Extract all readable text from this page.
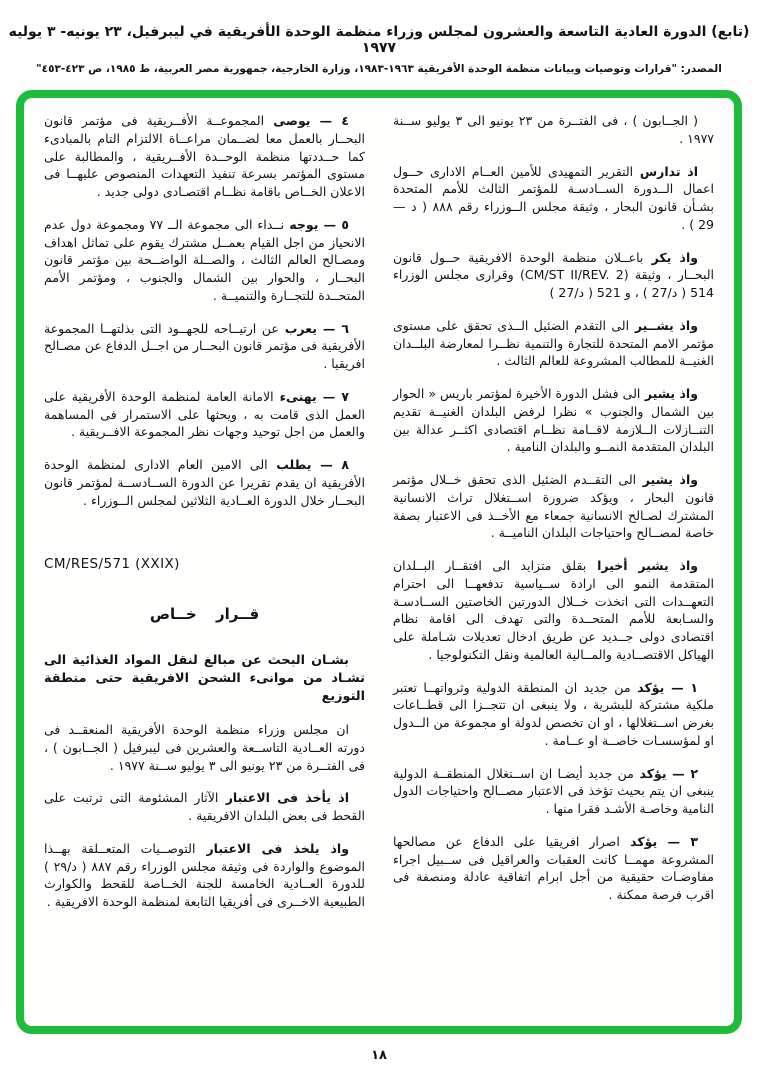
(تابع) الدورة العادية التاسعة والعشرون لمجلس وزراء منظمة الوحدة الأفريقية في ليبرفيل، ٢٣ يونيه- ٣ يوليه ١٩٧٧
المصدر: "قرارات وتوصيات وبيانات منظمة الوحدة الأفريقية ١٩٦٣-١٩٨٣، وزارة الخارجية، جمهورية مصر العربية، ط ١٩٨٥، ص ٤٢٣-٤٥٣"

( الجــابون ) ، فى الفتــرة من ٢٣ يونيو الى ٣ يوليو ســنة ١٩٧٧ .

اذ تدارسالتقرير التمهيدى للأمين العــام الادارى حــول اعمال الــدورة الســادسـة للمؤتمر الثالث للأمم المتحدة بشـأن قانون البحار ، وثيقة مجلس الــوزراء رقم ٨٨٨ ( د — 29 ) .

واذ يكرباعــلان منظمة الوحدة الافريقية حــول قانون البحــار ، وثيقة (CM/ST II/REV. 2) وقرارى مجلس الوزراء 514 ( د/27 ) ، و 521 ( د/27 )

واذ يشــيرالى التقدم الضئيل الــذى تحقق على مستوى مؤتمر الامم المتحدة للتجارة والتنمية نظــرا لمعارضة البلــدان الغنيــة للمطالب المشروعة للعالم الثالث .

واذ يشيرالى فشل الدورة الأخيرة لمؤتمر باريس « الحوار بين الشمال والجنوب » نظرا لرفض البلدان الغنيــة تقديم التنــازلات الــلازمة لاقــامة نظــام اقتصادى اكثــر عدالة بين البلدان المتقدمة النمــو والبلدان النامية .

واذ يشيرالى التقــدم الضئيل الذى تحقق خــلال مؤتمر قانون البحار ، ويؤكد ضرورة اســتغلال تراث الانسانية المشترك لصـالح الانسانية جمعاء مع الأخــذ فى الاعتبار بصفة خاصة لمصــالح واحتياجات البلدان الناميــة .

واذ يشير أخيرابقلق متزايد الى افتقــار البــلدان المتقدمة النمو الى ارادة ســياسية تدفعهــا الى احترام التعهــدات التى اتخذت خــلال الدورتين الخاصتين الســادسـة والسـابعة للأمم المتحــدة والتى تهدف الى اقامة نظام اقتصادى دولى جــديد عن طريق ادخال تعديلات شـاملة على الهياكل الاقتصــادية والمــالية العالمية ونقل التكنولوجيا .

١ — يؤكدمن جديد ان المنطقة الدولية وثرواتهــا تعتبر ملكية مشتركة للبشرية ، ولا ينبغى ان تتجــزا الى قطــاعات بغرض اســتغلالها ، او ان تخصص لدولة او مجموعة من الــدول او لمؤسسـات خاصــة او عــامة .

٢ — يؤكدمن جديد أيضـا ان اســتغلال المنطقــة الدولية ينبغى ان يتم بحيث تؤخذ فى الاعتبار مصــالح واحتياجات الدول النامية وخاصـة الأشـد فقرا منها .

٣ — يؤكداصرار افريقيا على الدفاع عن مصالحها المشروعة مهمــا كانت العقبات والعراقيل فى ســبيل اجراء مفاوضـات حقيقية من أجل ابرام اتفاقية عادلة ومنصفة فى اقرب فرصة ممكنة .

٤ — يوصىالمجموعــة الأفــريقية فى مؤتمر قانون البحــار بالعمل معا لضــمان مراعــاة الالتزام التام بالمبادىء كما حــددتها منظمة الوحــدة الأفــريقية ، والمطالبة على مستوى المؤتمر بسرعة تنفيذ التعهدات المنصوص عليهــا فى الاعلان الخــاص باقامة نظــام اقتصـادى دولى جديد .

٥ — يوجهنــداء الى مجموعة الــ ٧٧ ومجموعة دول عدم الانحياز من اجل القيام بعمــل مشترك يقوم على تماثل اهداف ومصـالح العالم الثالث ، والصــلة الواضــحة بين مؤتمر قانون البحــار ، والحوار بين الشمال والجنوب ، ومؤتمر الأمم المتحــدة للتجــارة والتنميــة .

٦ — يعربعن ارتيــاحه للجهــود التى بذلتهــا المجموعة الأفريقية فى مؤتمر قانون البحــار من اجــل الدفاع عن مصـالح افريقيا .

٧ — يهنىءالامانة العامة لمنظمة الوحدة الأفريقية على العمل الذى قامت به ، ويحثها على الاستمرار فى المساهمة والعمل من اجل توحيد وجهات نظر المجموعة الافــريقية .

٨ — يطلبالى الامين العام الادارى لمنظمة الوحدة الأفريقية ان يقدم تقريرا عن الدورة الســادســة لمؤتمر قانون البحــار خلال الدورة العــادية الثلاثين لمجلس الــوزراء .

CM/RES/571 (XXIX)
قــرار خــاص

بشـان البحث عن مبالغ لنقل المواد الغذائية الى تشـاد من موانىء الشحن الافريقية حتى منطقة التوزيع

ان مجلس وزراء منظمة الوحدة الأفريقية المنعقــد فى دورته العــادية التاســعة والعشرين فى ليبرفيل ( الجــابون ) ، فى الفتــرة من ٢٣ يونيو الى ٣ يوليو ســنة ١٩٧٧ .

اذ يأخذ فى الاعتبارالآثار المشئومة التى ترتبت على القحط فى بعض البلدان الافريقية .

واذ يلخذ فى الاعتبارالتوصــيات المتعــلقة بهــذا الموضوع والواردة فى وثيقة مجلس الوزراء رقم ٨٨٧ ( د/٢٩ ) للدورة العــادية الخامسة للجنة الخــاصة للقحط والكوارث الطبيعية الاخــرى فى أفريقيا التابعة لمنظمة الوحدة الافريقية .

١٨
